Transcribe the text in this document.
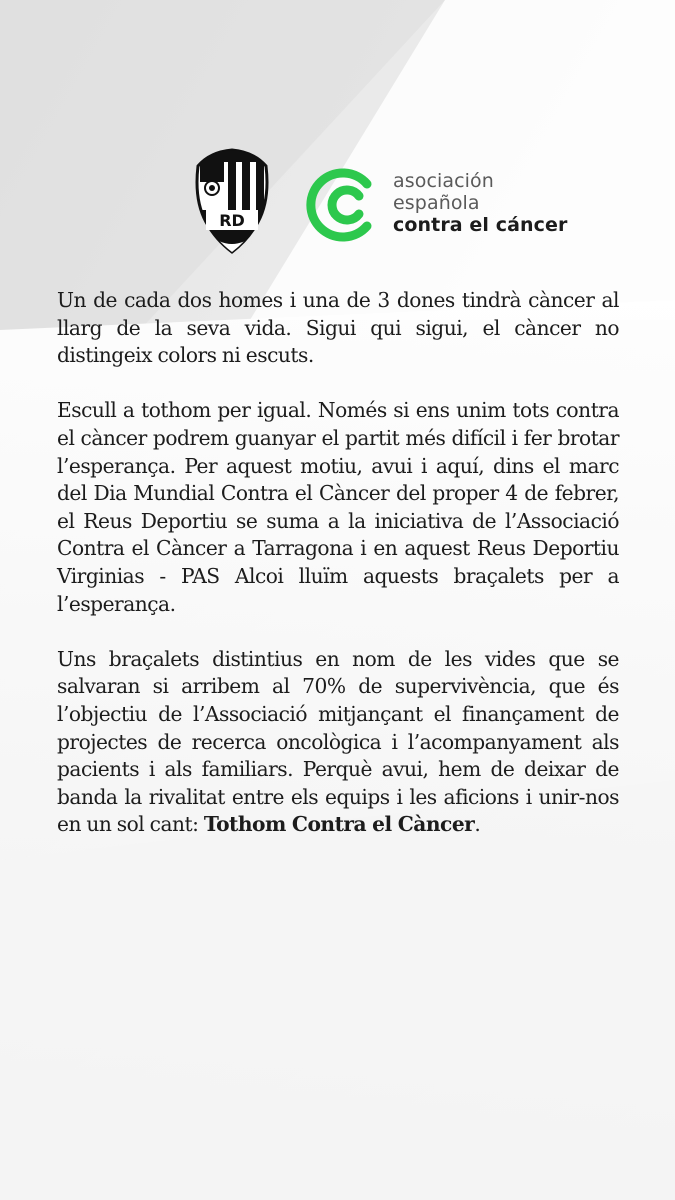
RD
asociación
española
contra el cáncer

Un de cada dos homes i una de 3 dones tindrà càncer al llarg de la seva vida. Sigui qui sigui, el càncer no distingeix colors ni escuts.

Escull a tothom per igual. Només si ens unim tots contra el càncer podrem guanyar el partit més difícil i fer brotar l’esperança. Per aquest motiu, avui i aquí, dins el marc del Dia Mundial Contra el Càncer del proper 4 de febrer, el Reus Deportiu se suma a la iniciativa de l’Associació Contra el Càncer a Tarragona i en aquest Reus Deportiu Virginias - PAS Alcoi lluïm aquests braçalets per a l’esperança.

Uns braçalets distintius en nom de les vides que se salvaran si arribem al 70% de supervivència, que és l’objectiu de l’Associació mitjançant el finançament de projectes de recerca oncològica i l’acompanyament als pacients i als familiars. Perquè avui, hem de deixar de banda la rivalitat entre els equips i les aficions i unir-nos en un sol cant: Tothom Contra el Càncer.
